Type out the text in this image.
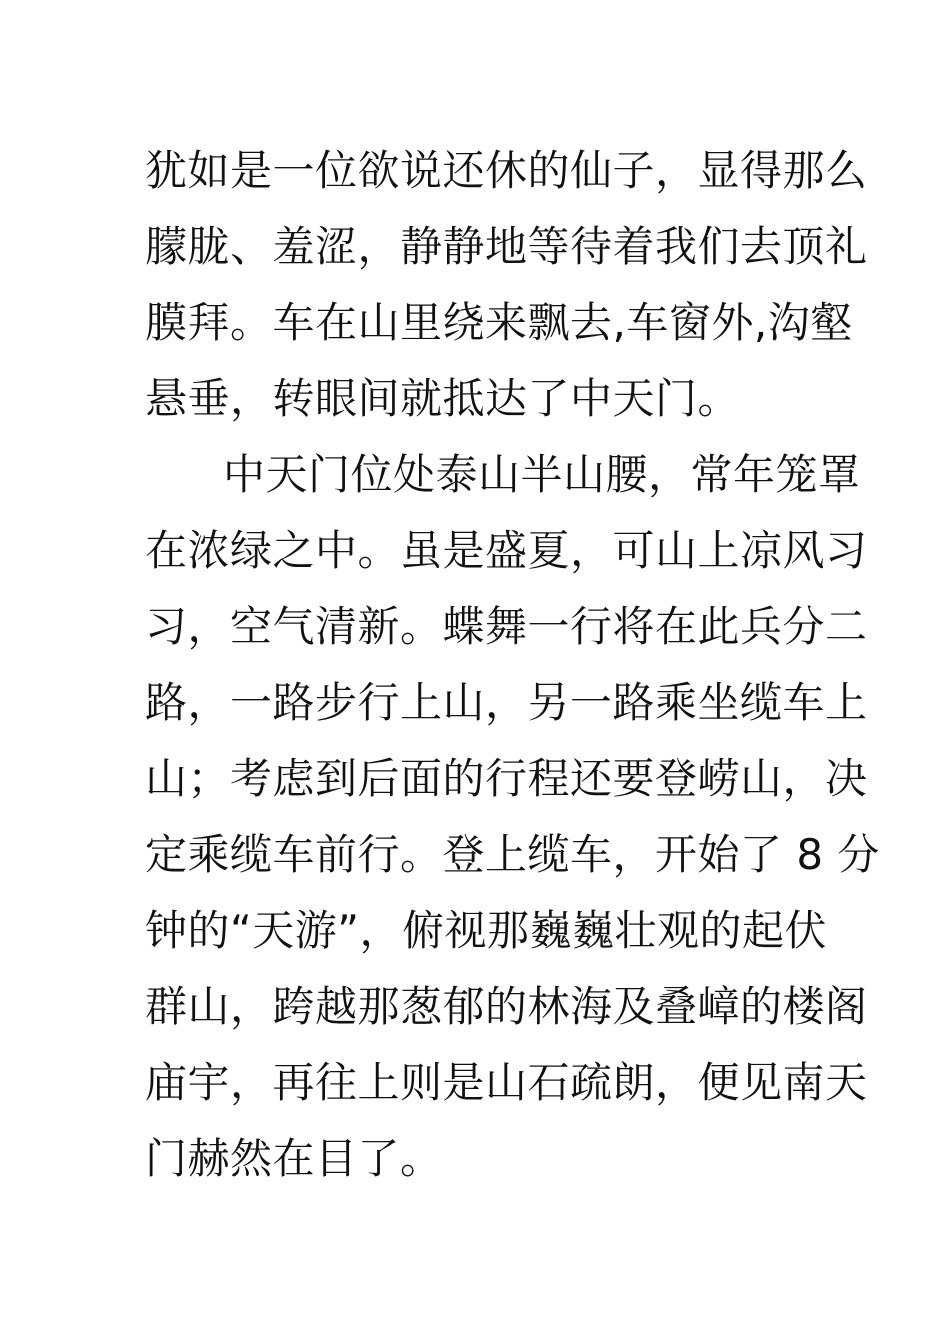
犹如是一位欲说还休的仙子，显得那么
朦胧、羞涩，静静地等待着我们去顶礼
膜拜。车在山里绕来飘去,车窗外,沟壑
悬垂，转眼间就抵达了中天门。
中天门位处泰山半山腰，常年笼罩
在浓绿之中。虽是盛夏，可山上凉风习
习，空气清新。蝶舞一行将在此兵分二
路，一路步行上山，另一路乘坐缆车上
山；考虑到后面的行程还要登崂山，决
定乘缆车前行。登上缆车，开始了 8 分
钟的“天游”，俯视那巍巍壮观的起伏
群山，跨越那葱郁的林海及叠嶂的楼阁
庙宇，再往上则是山石疏朗，便见南天
门赫然在目了。
